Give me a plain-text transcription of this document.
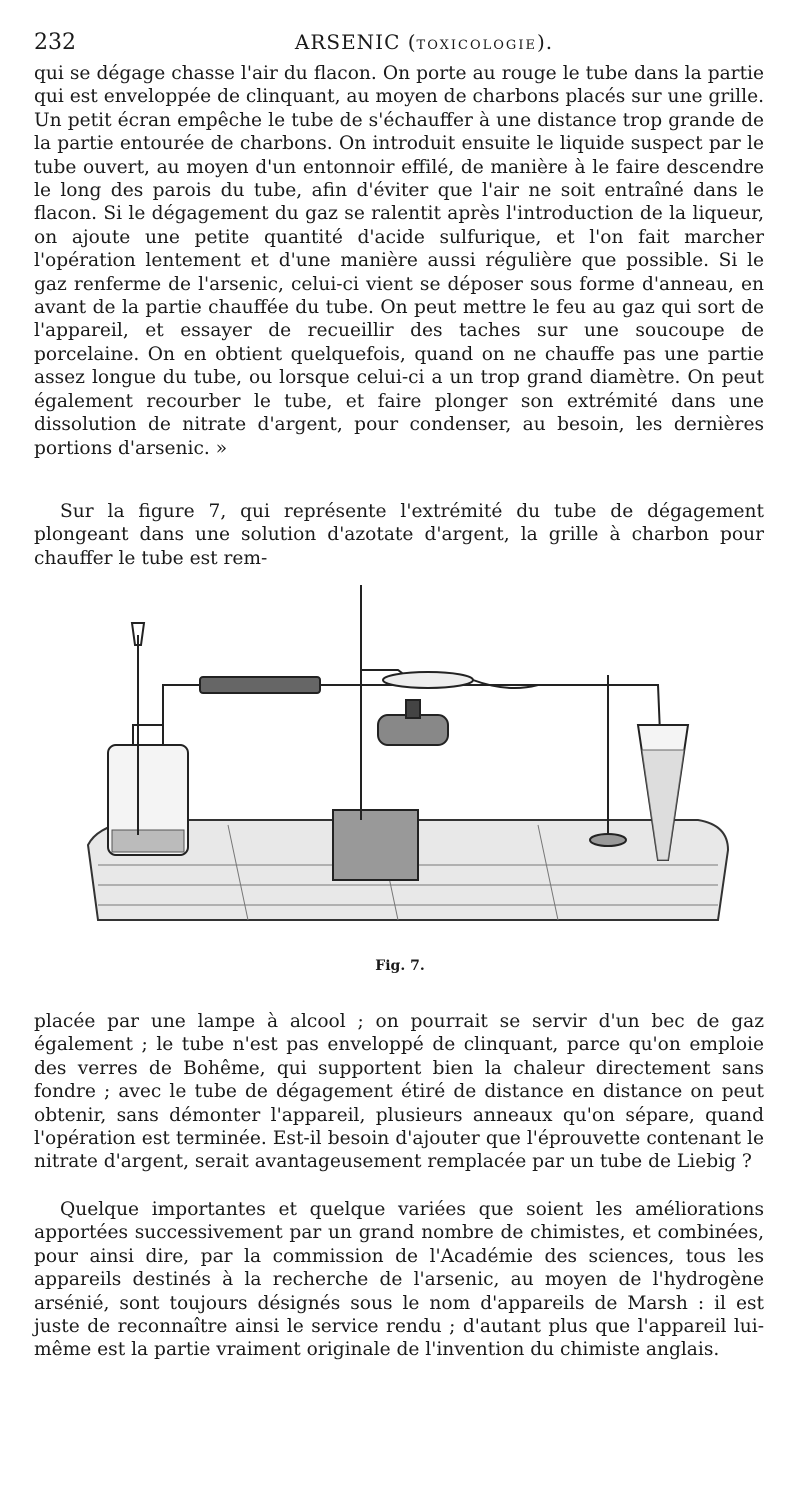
232	ARSENIC (TOXICOLOGIE).

qui se dégage chasse l'air du flacon. On porte au rouge le tube dans la partie qui est enveloppée de clinquant, au moyen de charbons placés sur une grille. Un petit écran empêche le tube de s'échauffer à une distance trop grande de la partie entourée de charbons. On introduit ensuite le liquide suspect par le tube ouvert, au moyen d'un entonnoir effilé, de manière à le faire descendre le long des parois du tube, afin d'éviter que l'air ne soit entraîné dans le flacon. Si le dégagement du gaz se ralentit après l'introduction de la liqueur, on ajoute une petite quantité d'acide sulfurique, et l'on fait marcher l'opération lentement et d'une manière aussi régulière que possible. Si le gaz renferme de l'arsenic, celui-ci vient se déposer sous forme d'anneau, en avant de la partie chauffée du tube. On peut mettre le feu au gaz qui sort de l'appareil, et essayer de recueillir des taches sur une soucoupe de porcelaine. On en obtient quelquefois, quand on ne chauffe pas une partie assez longue du tube, ou lorsque celui-ci a un trop grand diamètre. On peut également recourber le tube, et faire plonger son extrémité dans une dissolution de nitrate d'argent, pour condenser, au besoin, les dernières portions d'arsenic. »

Sur la figure 7, qui représente l'extrémité du tube de dégagement plongeant dans une solution d'azotate d'argent, la grille à charbon pour chauffer le tube est rem-

Fig. 7.

placée par une lampe à alcool ; on pourrait se servir d'un bec de gaz également ; le tube n'est pas enveloppé de clinquant, parce qu'on emploie des verres de Bohême, qui supportent bien la chaleur directement sans fondre ; avec le tube de dégagement étiré de distance en distance on peut obtenir, sans démonter l'appareil, plusieurs anneaux qu'on sépare, quand l'opération est terminée. Est-il besoin d'ajouter que l'éprouvette contenant le nitrate d'argent, serait avantageusement remplacée par un tube de Liebig ?

Quelque importantes et quelque variées que soient les améliorations apportées successivement par un grand nombre de chimistes, et combinées, pour ainsi dire, par la commission de l'Académie des sciences, tous les appareils destinés à la recherche de l'arsenic, au moyen de l'hydrogène arsénié, sont toujours désignés sous le nom d'appareils de Marsh : il est juste de reconnaître ainsi le service rendu ; d'autant plus que l'appareil lui-même est la partie vraiment originale de l'invention du chimiste anglais.
